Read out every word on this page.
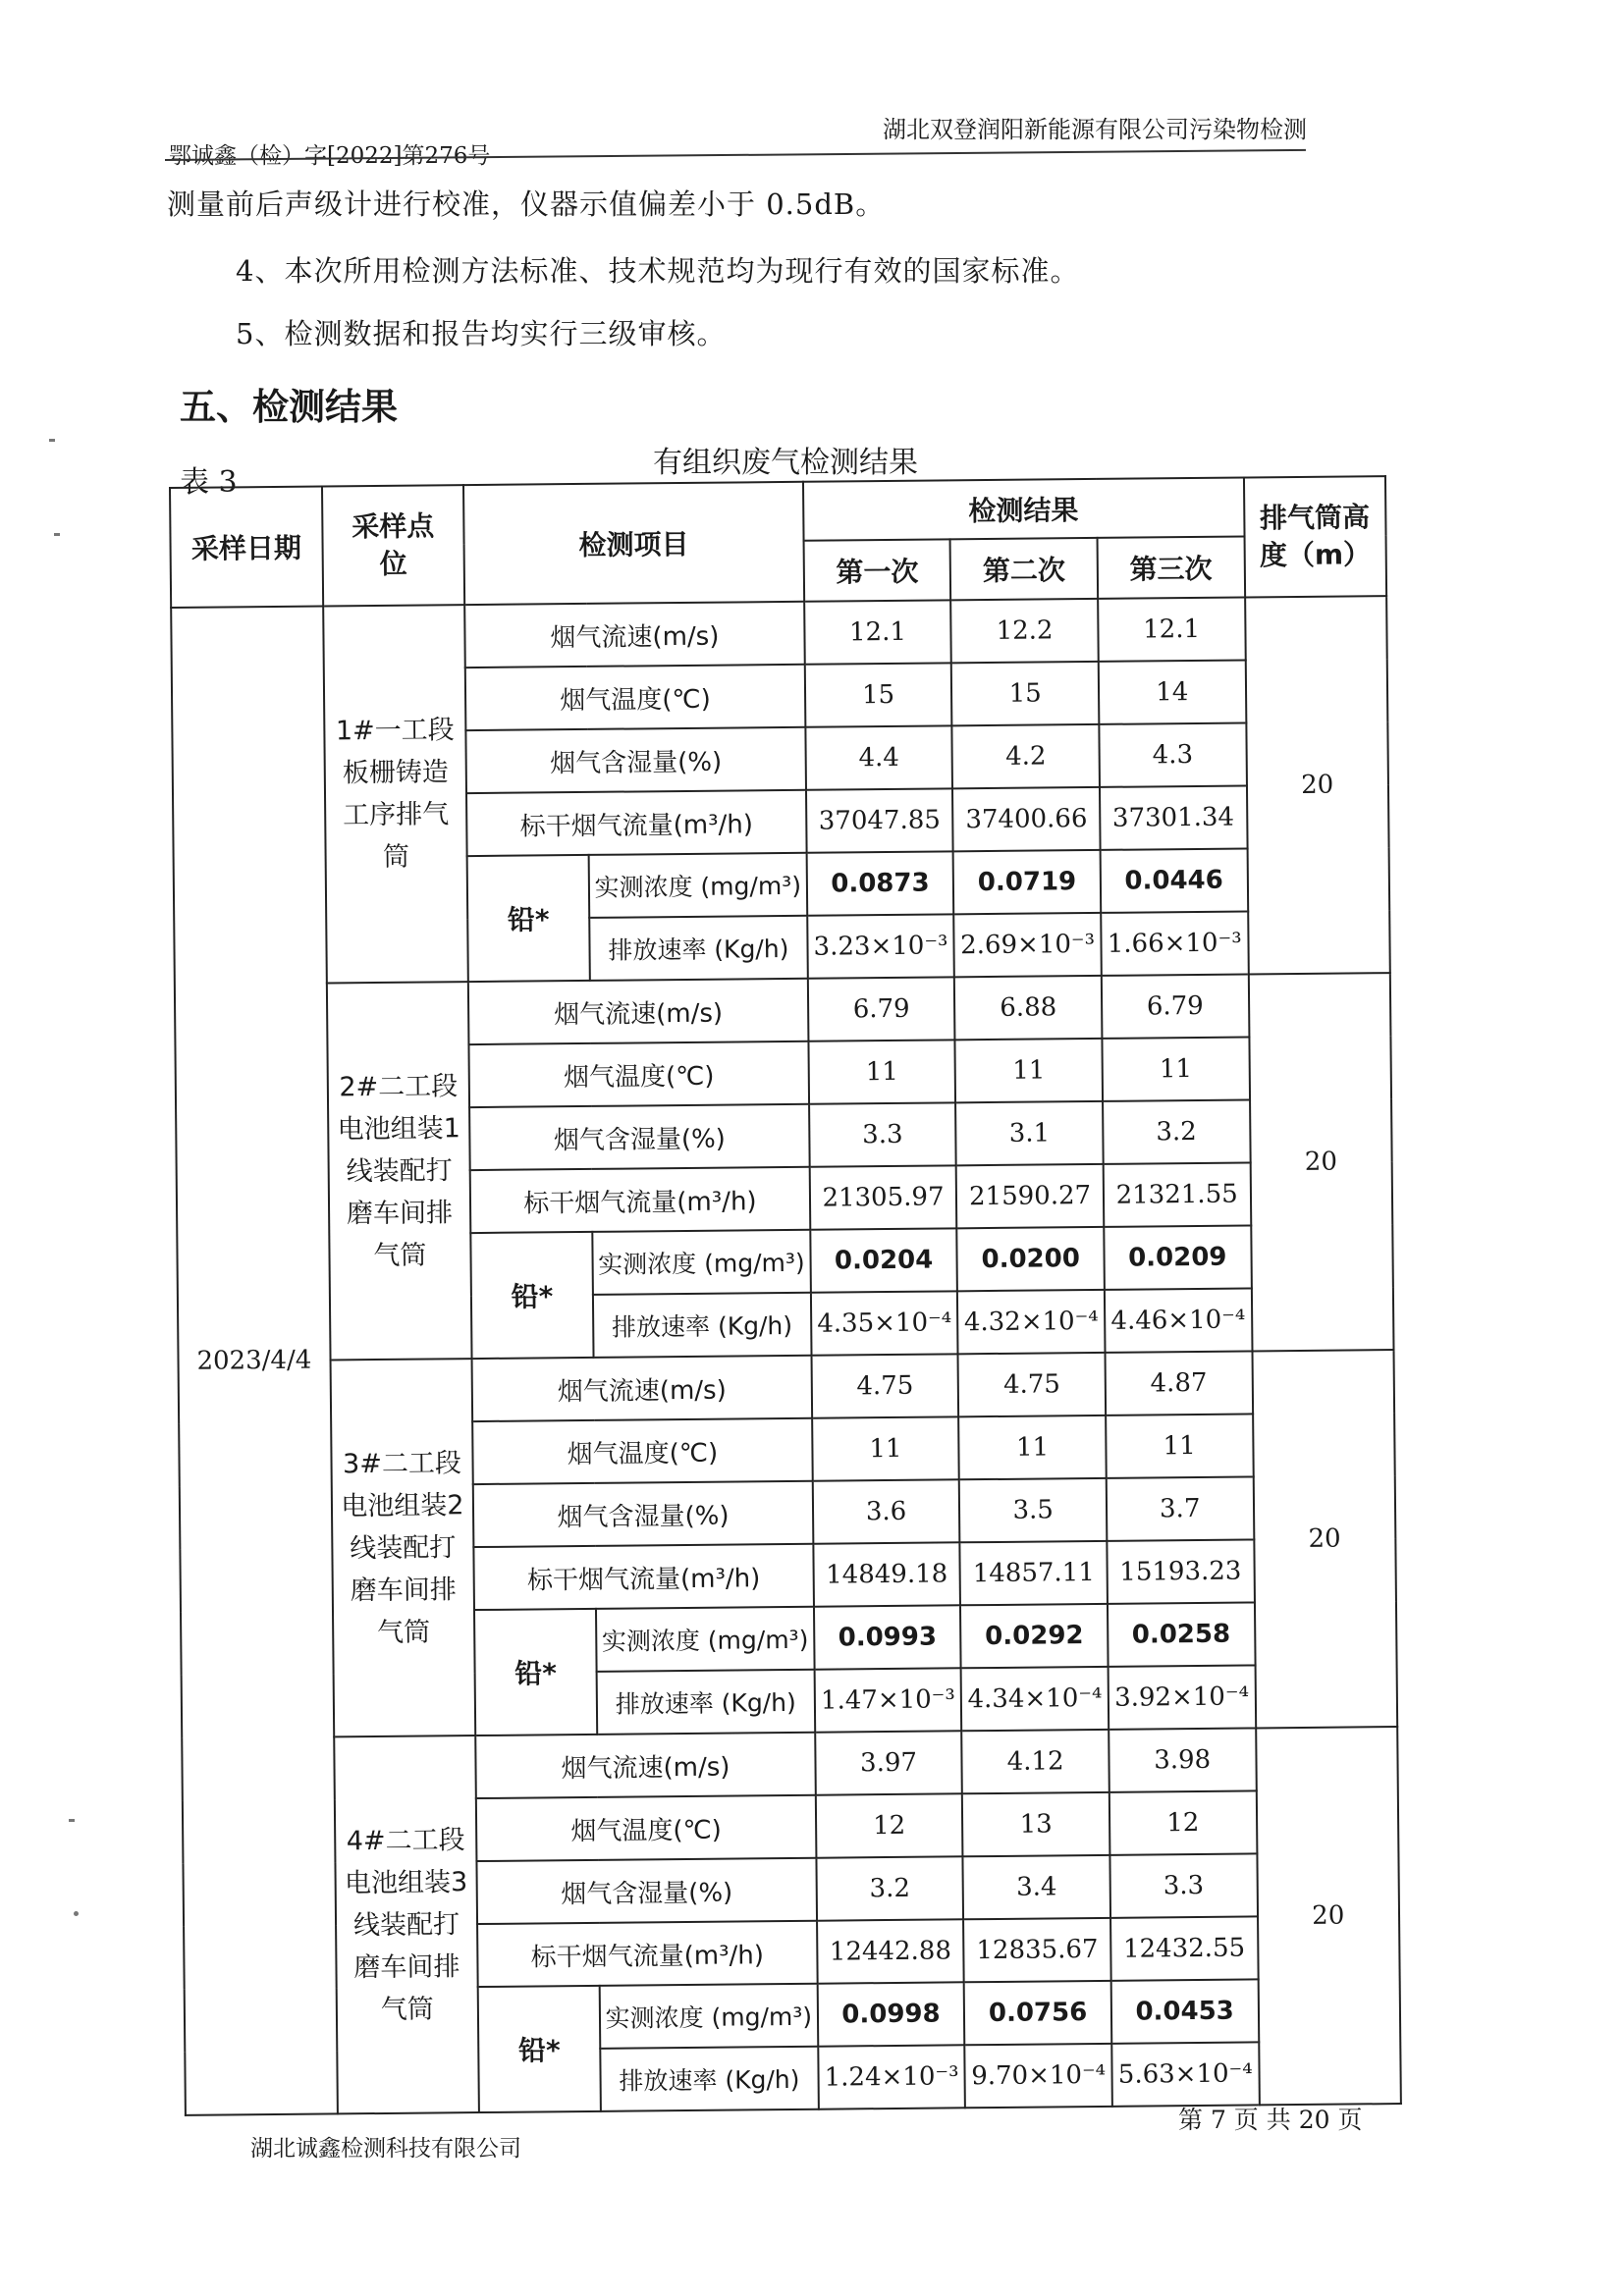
鄂诚鑫（检）字[2022]第276号
湖北双登润阳新能源有限公司污染物检测
测量前后声级计进行校准，仪器示值偏差小于 0.5dB。
4、本次所用检测方法标准、技术规范均为现行有效的国家标准。
5、检测数据和报告均实行三级审核。
五、检测结果
表 3
有组织废气检测结果
采样日期	采样点位	检测项目		检测结果			排气筒高度（m）
				第一次	第二次	第三次	
2023/4/4	1#一工段板栅铸造工序排气筒	烟气流速(m/s)		12.1	12.2	12.1	20
		烟气温度(℃)		15	15	14	
		烟气含湿量(%)		4.4	4.2	4.3	
		标干烟气流量(m³/h)		37047.85	37400.66	37301.34	
		铅*	实测浓度 (mg/m³)	0.0873	0.0719	0.0446	
			排放速率 (Kg/h)	3.23×10⁻³	2.69×10⁻³	1.66×10⁻³	
	2#二工段电池组装1线装配打磨车间排气筒	烟气流速(m/s)		6.79	6.88	6.79	20
		烟气温度(℃)		11	11	11	
		烟气含湿量(%)		3.3	3.1	3.2	
		标干烟气流量(m³/h)		21305.97	21590.27	21321.55	
		铅*	实测浓度 (mg/m³)	0.0204	0.0200	0.0209	
			排放速率 (Kg/h)	4.35×10⁻⁴	4.32×10⁻⁴	4.46×10⁻⁴	
	3#二工段电池组装2线装配打磨车间排气筒	烟气流速(m/s)		4.75	4.75	4.87	20
		烟气温度(℃)		11	11	11	
		烟气含湿量(%)		3.6	3.5	3.7	
		标干烟气流量(m³/h)		14849.18	14857.11	15193.23	
		铅*	实测浓度 (mg/m³)	0.0993	0.0292	0.0258	
			排放速率 (Kg/h)	1.47×10⁻³	4.34×10⁻⁴	3.92×10⁻⁴	
	4#二工段电池组装3线装配打磨车间排气筒	烟气流速(m/s)		3.97	4.12	3.98	20
		烟气温度(℃)		12	13	12	
		烟气含湿量(%)		3.2	3.4	3.3	
		标干烟气流量(m³/h)		12442.88	12835.67	12432.55	
		铅*	实测浓度 (mg/m³)	0.0998	0.0756	0.0453	
			排放速率 (Kg/h)	1.24×10⁻³	9.70×10⁻⁴	5.63×10⁻⁴	
湖北诚鑫检测科技有限公司
第 7 页 共 20 页
